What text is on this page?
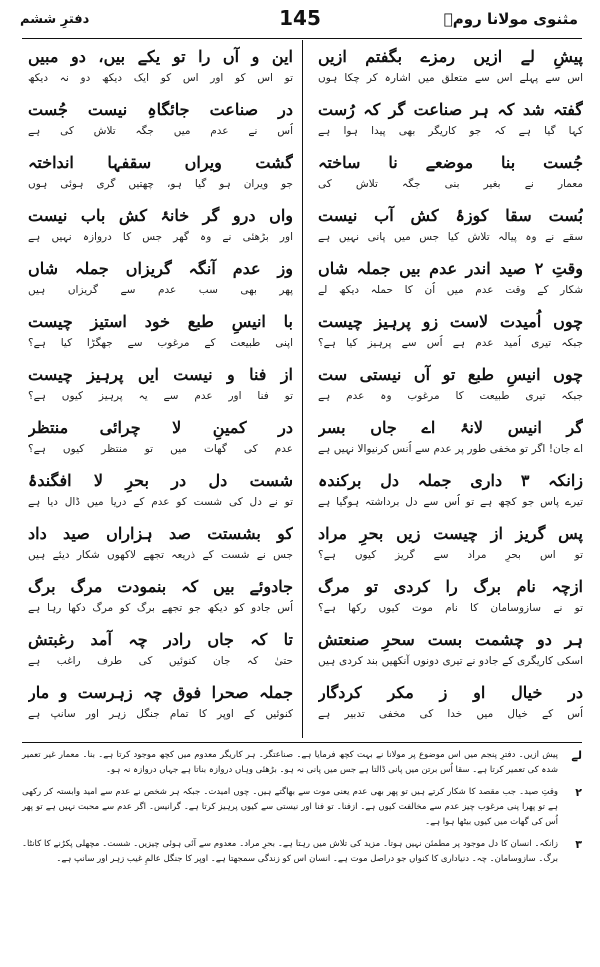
مثنوی مولانا رومؒ
145
دفترِ ششم
پیشِ لے ازیں رمزے بگفتم ازیں
اس سے پہلے اس سے متعلق میں اشارہ کر چکا ہوں
گفتہ شد کہ ہر صناعت گر کہ رُست
کہا گیا ہے کہ جو کاریگر بھی پیدا ہوا ہے
جُست بنا موضعے نا ساختہ
معمار نے بغیر بنی جگہ تلاش کی
بُست سقا کوزۂ کش آب نیست
سقے نے وہ پیالہ تلاش کیا جس میں پانی نہیں ہے
وقتِ ٢ صید اندر عدم بیں جملہ شاں
شکار کے وقت عدم میں اُن کا حملہ دیکھ لے
چوں اُمیدت لاست زو پرہیز چیست
جبکہ تیری اُمید عدم ہے اُس سے پرہیز کیا ہے؟
چوں انیسِ طبع تو آں نیستی ست
جبکہ تیری طبیعت کا مرغوب وہ عدم ہے
گر انیس لانۂ اے جاں بسر
اے جان! اگر تو مخفی طور پر عدم سے اُنس کرنیوالا نہیں ہے
زانکہ ٣ داری جملہ دل برکندہ
تیرے پاس جو کچھ ہے تو اُس سے دل برداشتہ ہوگیا ہے
پس گریز از چیست زیں بحرِ مراد
تو اس بحرِ مراد سے گریز کیوں ہے؟
ازچہ نام برگ را کردی تو مرگ
تو نے سازوسامان کا نام موت کیوں رکھا ہے؟
ہر دو چشمت بست سحرِ صنعتش
اسکی کاریگری کے جادو نے تیری دونوں آنکھیں بند کردی ہیں
در خیال او ز مکر کردگار
اُس کے خیال میں خدا کی مخفی تدبیر ہے
این و آں را تو یکے بیں، دو مبیں
تو اس کو اور اس کو ایک دیکھ دو نہ دیکھ
در صناعت جائگاہِ نیست جُست
اُس نے عدم میں جگہ تلاش کی ہے
گشت ویراں سقفہا انداختہ
جو ویران ہو گیا ہو، چھتیں گری ہوئی ہوں
واں درو گر خانۂ کش باب نیست
اور بڑھئی نے وہ گھر جس کا دروازہ نہیں ہے
وز عدم آنگہ گریزاں جملہ شاں
پھر بھی سب عدم سے گریزاں ہیں
با انیسِ طبع خود استیز چیست
اپنی طبیعت کے مرغوب سے جھگڑا کیا ہے؟
از فنا و نیست ایں پرہیز چیست
تو فنا اور عدم سے یہ پرہیز کیوں ہے؟
در کمینِ لا چرائی منتظر
عدم کی گھات میں تو منتظر کیوں ہے؟
شست دل در بحرِ لا افگندۂ
تو نے دل کی شست کو عدم کے دریا میں ڈال دیا ہے
کو بشستت صد ہزاراں صید داد
جس نے شست کے ذریعہ تجھے لاکھوں شکار دیئے ہیں
جادوئے بیں کہ بنمودت مرگ برگ
اُس جادو کو دیکھ جو تجھے برگ کو مرگ دکھا رہا ہے
تا کہ جاں رادر چہ آمد رغبتش
حتیٰ کہ جان کنوئیں کی طرف راغب ہے
جملہ صحرا فوق چہ زہرست و مار
کنوئیں کے اوپر کا تمام جنگل زہر اور سانپ ہے
لے
پیش ازیں۔ دفترِ پنجم میں اس موضوع پر مولانا نے بہت کچھ فرمایا ہے۔ صناعتگر۔ ہر کاریگر معدوم میں کچھ موجود کرتا ہے۔ بنا۔ معمار غیر تعمیر شدہ کی تعمیر کرتا ہے۔ سقا اُس برتن میں پانی ڈالتا ہے جس میں پانی نہ ہو۔ بڑھئی وہاں دروازہ بناتا ہے جہاں دروازہ نہ ہو۔
٢
وقتِ صید۔ جب مقصد کا شکار کرتے ہیں تو پھر بھی عدم یعنی موت سے بھاگتے ہیں۔ چوں امیدت۔ جبکہ ہر شخص نے عدم سے امید وابستہ کر رکھی ہے تو پھرا پنی مرغوب چیز عدم سے مخالفت کیوں ہے۔ ازفنا۔ تو فنا اور نیستی سے کیوں پرہیز کرتا ہے۔ گرانیس۔ اگر عدم سے محبت نہیں ہے تو پھر اُس کی گھات میں کیوں بیٹھا ہوا ہے۔
٣
زانکہ۔ انسان کا دل موجود پر مطمئن نہیں ہوتا۔ مزید کی تلاش میں رہتا ہے۔ بحرِ مراد۔ معدوم سے آئی ہوئی چیزیں۔ شست۔ مچھلی پکڑنے کا کانٹا۔ برگ۔ سازوسامان۔ چہ۔ دنیاداری کا کنواں جو دراصل موت ہے۔ انسان اس کو زندگی سمجھتا ہے۔ اوپر کا جنگل عالمِ غیب زہر اور سانپ ہے۔
